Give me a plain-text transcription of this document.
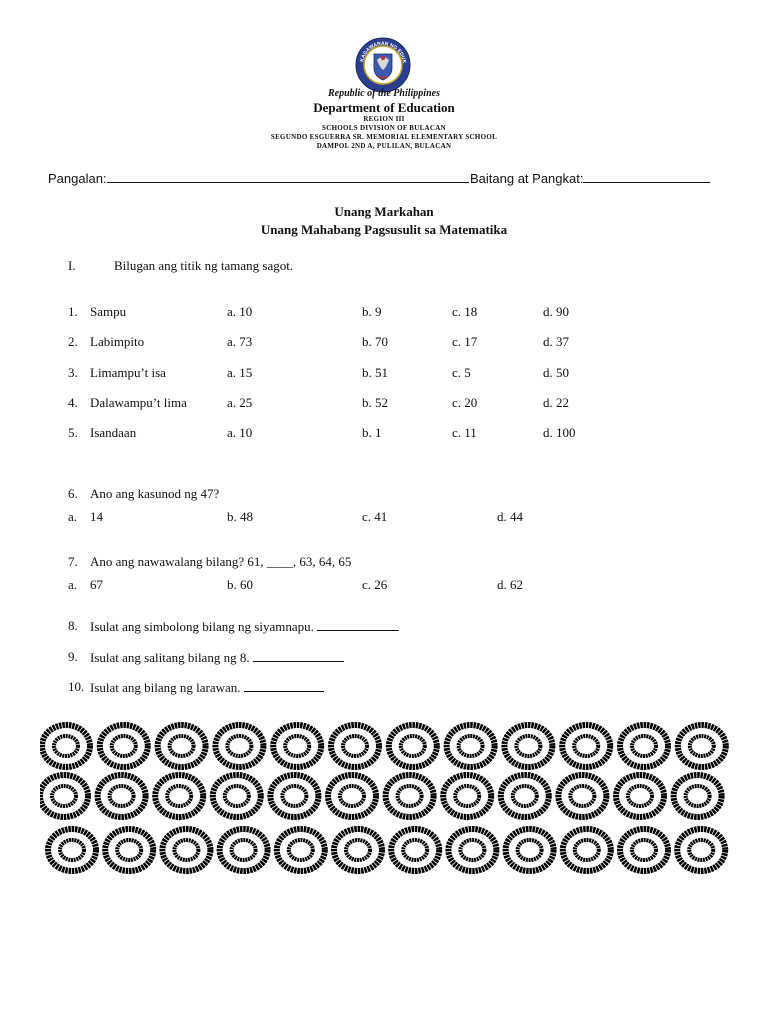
KAGAWARAN NG EDUK
Republic of the Philippines
Department of Education
REGION III
SCHOOLS DIVISION OF BULACAN
SEGUNDO ESGUERRA SR. MEMORIAL ELEMENTARY SCHOOL
DAMPOL 2ND A, PULILAN, BULACAN
Pangalan:	Baitang at Pangkat:
Unang Markahan
Unang Mahabang Pagsusulit sa Matematika
I.	Bilugan ang titik ng tamang sagot.
1. Sampu	a. 10	b. 9	c. 18	d. 90
2. Labimpito	a. 73	b. 70	c. 17	d. 37
3. Limampu’t isa	a. 15	b. 51	c. 5	d. 50
4. Dalawampu’t lima	a. 25	b. 52	c. 20	d. 22
5. Isandaan	a. 10	b. 1	c. 11	d. 100
6. Ano ang kasunod ng 47?
a. 14	b. 48	c. 41	d. 44
7. Ano ang nawawalang bilang? 61, ____, 63, 64, 65
a. 67	b. 60	c. 26	d. 62
8. Isulat ang simbolong bilang ng siyamnapu.
9. Isulat ang salitang bilang ng 8.
10. Isulat ang bilang ng larawan.
